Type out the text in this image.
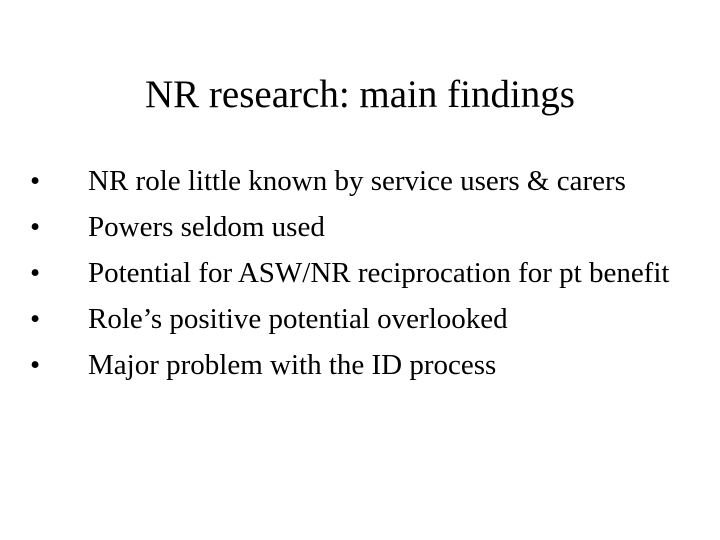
NR research: main findings
•	NR role little known by service users & carers
•	Powers seldom used
•	Potential for ASW/NR reciprocation for pt benefit
•	Role’s positive potential overlooked
•	Major problem with the ID process
